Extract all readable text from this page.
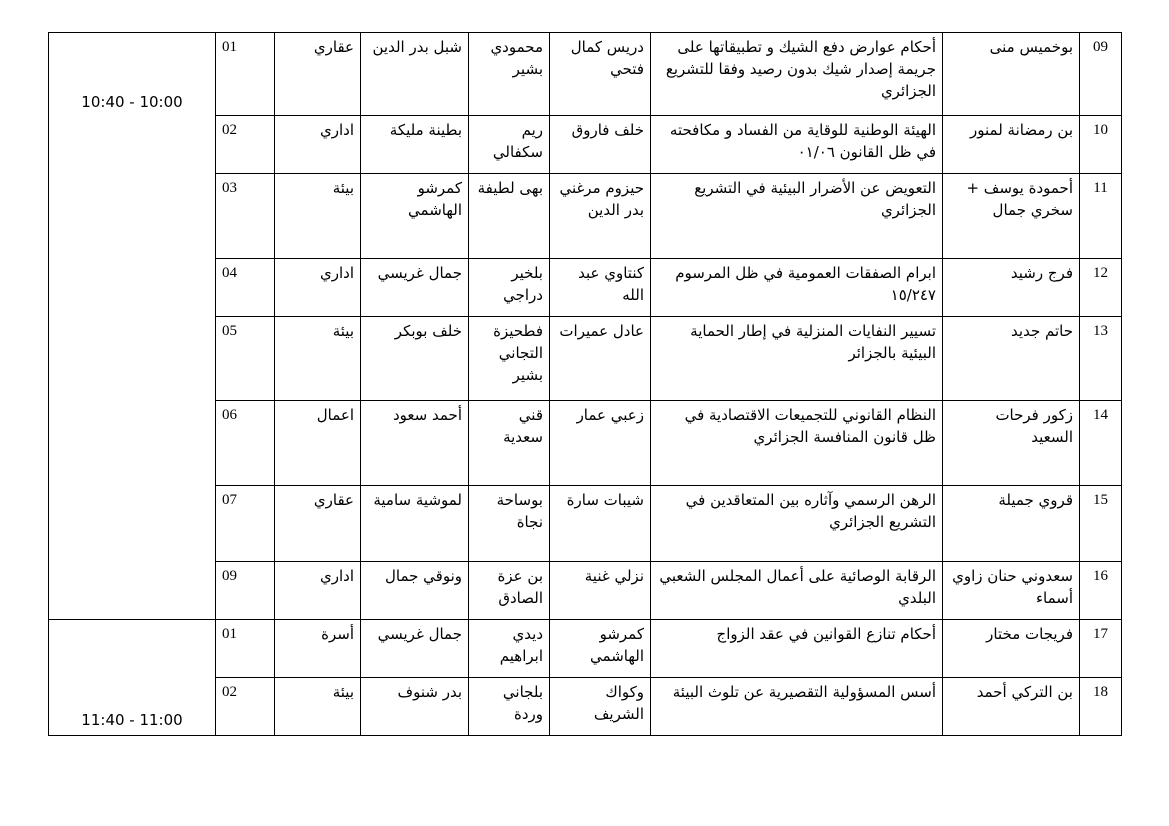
10:40 - 10:00	01	عقاري	شبل بدر الدين	محمودي بشير	دريس كمال فتحي	أحكام عوارض دفع الشيك و تطبيقاتها على جريمة إصدار شيك بدون رصيد وفقا للتشريع الجزائري	بوخميس منى	09
	02	اداري	بطينة مليكة	ريم سكفالي	خلف فاروق	الهيئة الوطنية للوقاية من الفساد و مكافحته في ظل القانون ٠١/٠٦	بن رمضانة لمنور	10
	03	بيئة	كمرشو الهاشمي	بهى لطيفة	حيزوم مرغني بدر الدين	التعويض عن الأضرار البيئية في التشريع الجزائري	أحمودة يوسف + سخري جمال	11
	04	اداري	جمال غريسي	بلخير دراجي	كنتاوي عبد الله	ابرام الصفقات العمومية في ظل المرسوم ١٥/٢٤٧	فرج رشيد	12
	05	بيئة	خلف بوبكر	فطحيزة التجاني بشير	عادل عميرات	تسيير النفايات المنزلية في إطار الحماية البيئية بالجزائر	حاتم جديد	13
	06	اعمال	أحمد سعود	قني سعدية	زعبي عمار	النظام القانوني للتجميعات الاقتصادية في ظل قانون المنافسة الجزائري	زكور فرحات السعيد	14
	07	عقاري	لموشية سامية	بوساحة نجاة	شيبات سارة	الرهن الرسمي وآثاره بين المتعاقدين في التشريع الجزائري	قروي جميلة	15
	09	اداري	ونوقي جمال	بن عزة الصادق	نزلي غنية	الرقابة الوصائية على أعمال المجلس الشعبي البلدي	سعدوني حنان زاوي أسماء	16
11:40 - 11:00	01	أسرة	جمال غريسي	ديدي ابراهيم	كمرشو الهاشمي	أحكام تنازع القوانين في عقد الزواج	فريجات مختار	17
	02	بيئة	بدر شنوف	بلجاني وردة	وكواك الشريف	أسس المسؤولية التقصيرية عن تلوث البيئة	بن التركي أحمد	18
